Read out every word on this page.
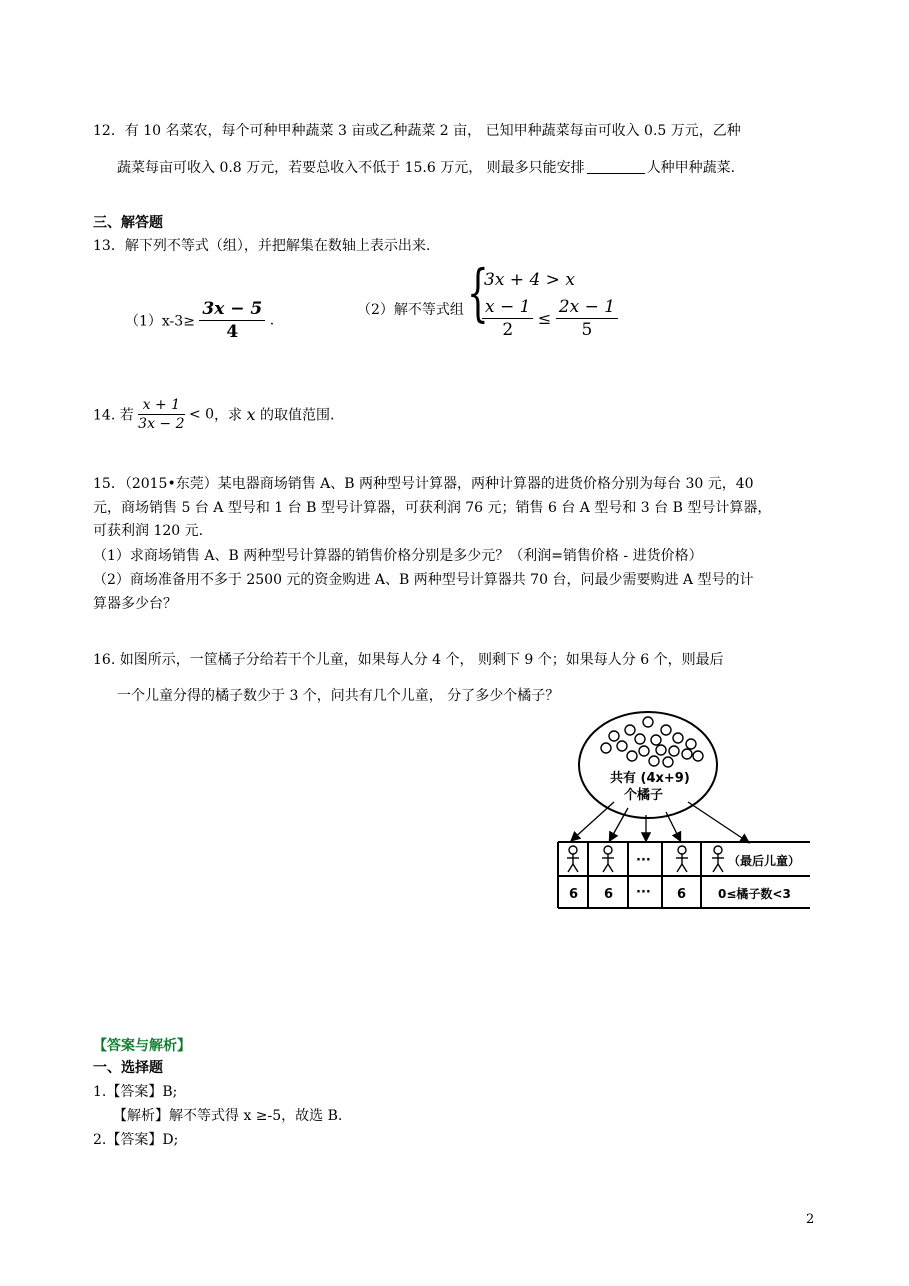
12．有 10 名菜农，每个可种甲种蔬菜 3 亩或乙种蔬菜 2 亩， 已知甲种蔬菜每亩可收入 0.5 万元，乙种
蔬菜每亩可收入 0.8 万元，若要总收入不低于 15.6 万元， 则最多只能安排	人种甲种蔬菜.
三、解答题
13．解下列不等式（组），并把解集在数轴上表示出来.
$(1)x-3\ge \frac{3x - 5}{4}$ .
（2）解不等式组 {
3x + 4 > x
$\frac{x - 1}{2} \le \frac{2x - 1}{5}$
14. 若 $\frac{x + 1}{3x - 2} < 0$，求 x 的取值范围.
15．（2015•东莞）某电器商场销售 A、B 两种型号计算器，两种计算器的进货价格分别为每台 30 元，40
元，商场销售 5 台 A 型号和 1 台 B 型号计算器，可获利润 76 元；销售 6 台 A 型号和 3 台 B 型号计算器，
可获利润 120 元.
（1）求商场销售 A、B 两种型号计算器的销售价格分别是多少元？（利润=销售价格 - 进货价格）
（2）商场准备用不多于 2500 元的资金购进 A、B 两种型号计算器共 70 台，问最少需要购进 A 型号的计
算器多少台？
16. 如图所示，一筐橘子分给若干个儿童，如果每人分 4 个， 则剩下 9 个；如果每人分 6 个，则最后
一个儿童分得的橘子数少于 3 个，问共有几个儿童， 分了多少个橘子？
共有 (4x+9)
个橘子
···	（最后儿童）
6 6 ··· 6	0≤橘子数<3
【答案与解析】
一、选择题
1.【答案】B;
【解析】解不等式得 x ≥-5，故选 B.
2.【答案】D;
2
